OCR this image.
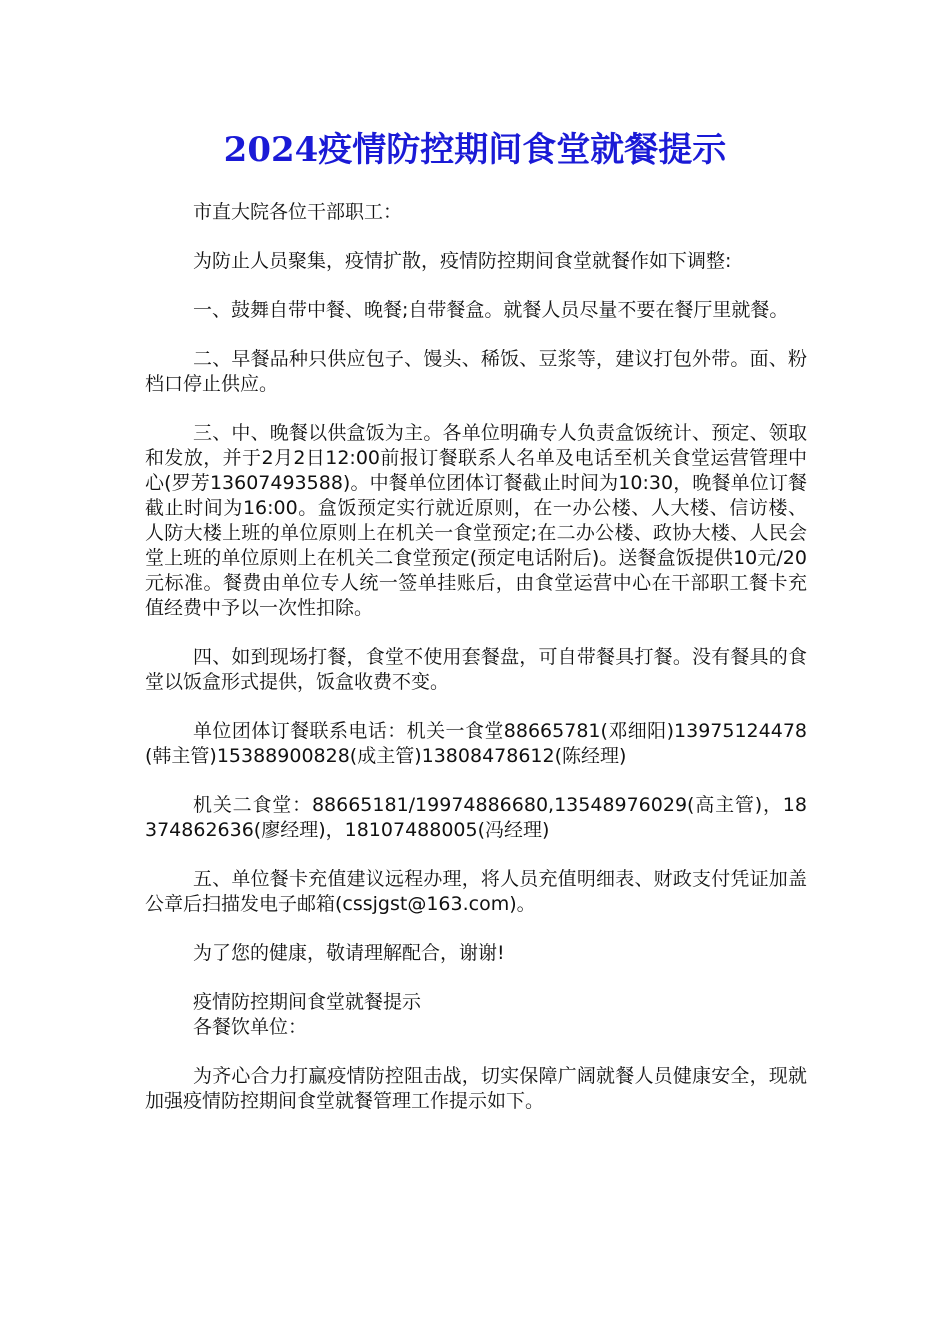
2024疫情防控期间食堂就餐提示

市直大院各位干部职工：

为防止人员聚集，疫情扩散，疫情防控期间食堂就餐作如下调整:

一、鼓舞自带中餐、晚餐;自带餐盒。就餐人员尽量不要在餐厅里就餐。

二、早餐品种只供应包子、馒头、稀饭、豆浆等，建议打包外带。面、粉档口停止供应。

三、中、晚餐以供盒饭为主。各单位明确专人负责盒饭统计、预定、领取和发放，并于2月2日12:00前报订餐联系人名单及电话至机关食堂运营管理中心(罗芳13607493588)。中餐单位团体订餐截止时间为10:30，晚餐单位订餐截止时间为16:00。盒饭预定实行就近原则，在一办公楼、人大楼、信访楼、人防大楼上班的单位原则上在机关一食堂预定;在二办公楼、政协大楼、人民会堂上班的单位原则上在机关二食堂预定(预定电话附后)。送餐盒饭提供10元/20元标准。餐费由单位专人统一签单挂账后，由食堂运营中心在干部职工餐卡充值经费中予以一次性扣除。

四、如到现场打餐，食堂不使用套餐盘，可自带餐具打餐。没有餐具的食堂以饭盒形式提供，饭盒收费不变。

单位团体订餐联系电话：机关一食堂88665781(邓细阳)13975124478(韩主管)15388900828(成主管)13808478612(陈经理)

机关二食堂：88665181/19974886680,13548976029(高主管)，18374862636(廖经理)，18107488005(冯经理)

五、单位餐卡充值建议远程办理，将人员充值明细表、财政支付凭证加盖公章后扫描发电子邮箱(cssjgst@163.com)。

为了您的健康，敬请理解配合，谢谢!

疫情防控期间食堂就餐提示

各餐饮单位：

为齐心合力打赢疫情防控阻击战，切实保障广阔就餐人员健康安全，现就加强疫情防控期间食堂就餐管理工作提示如下。
